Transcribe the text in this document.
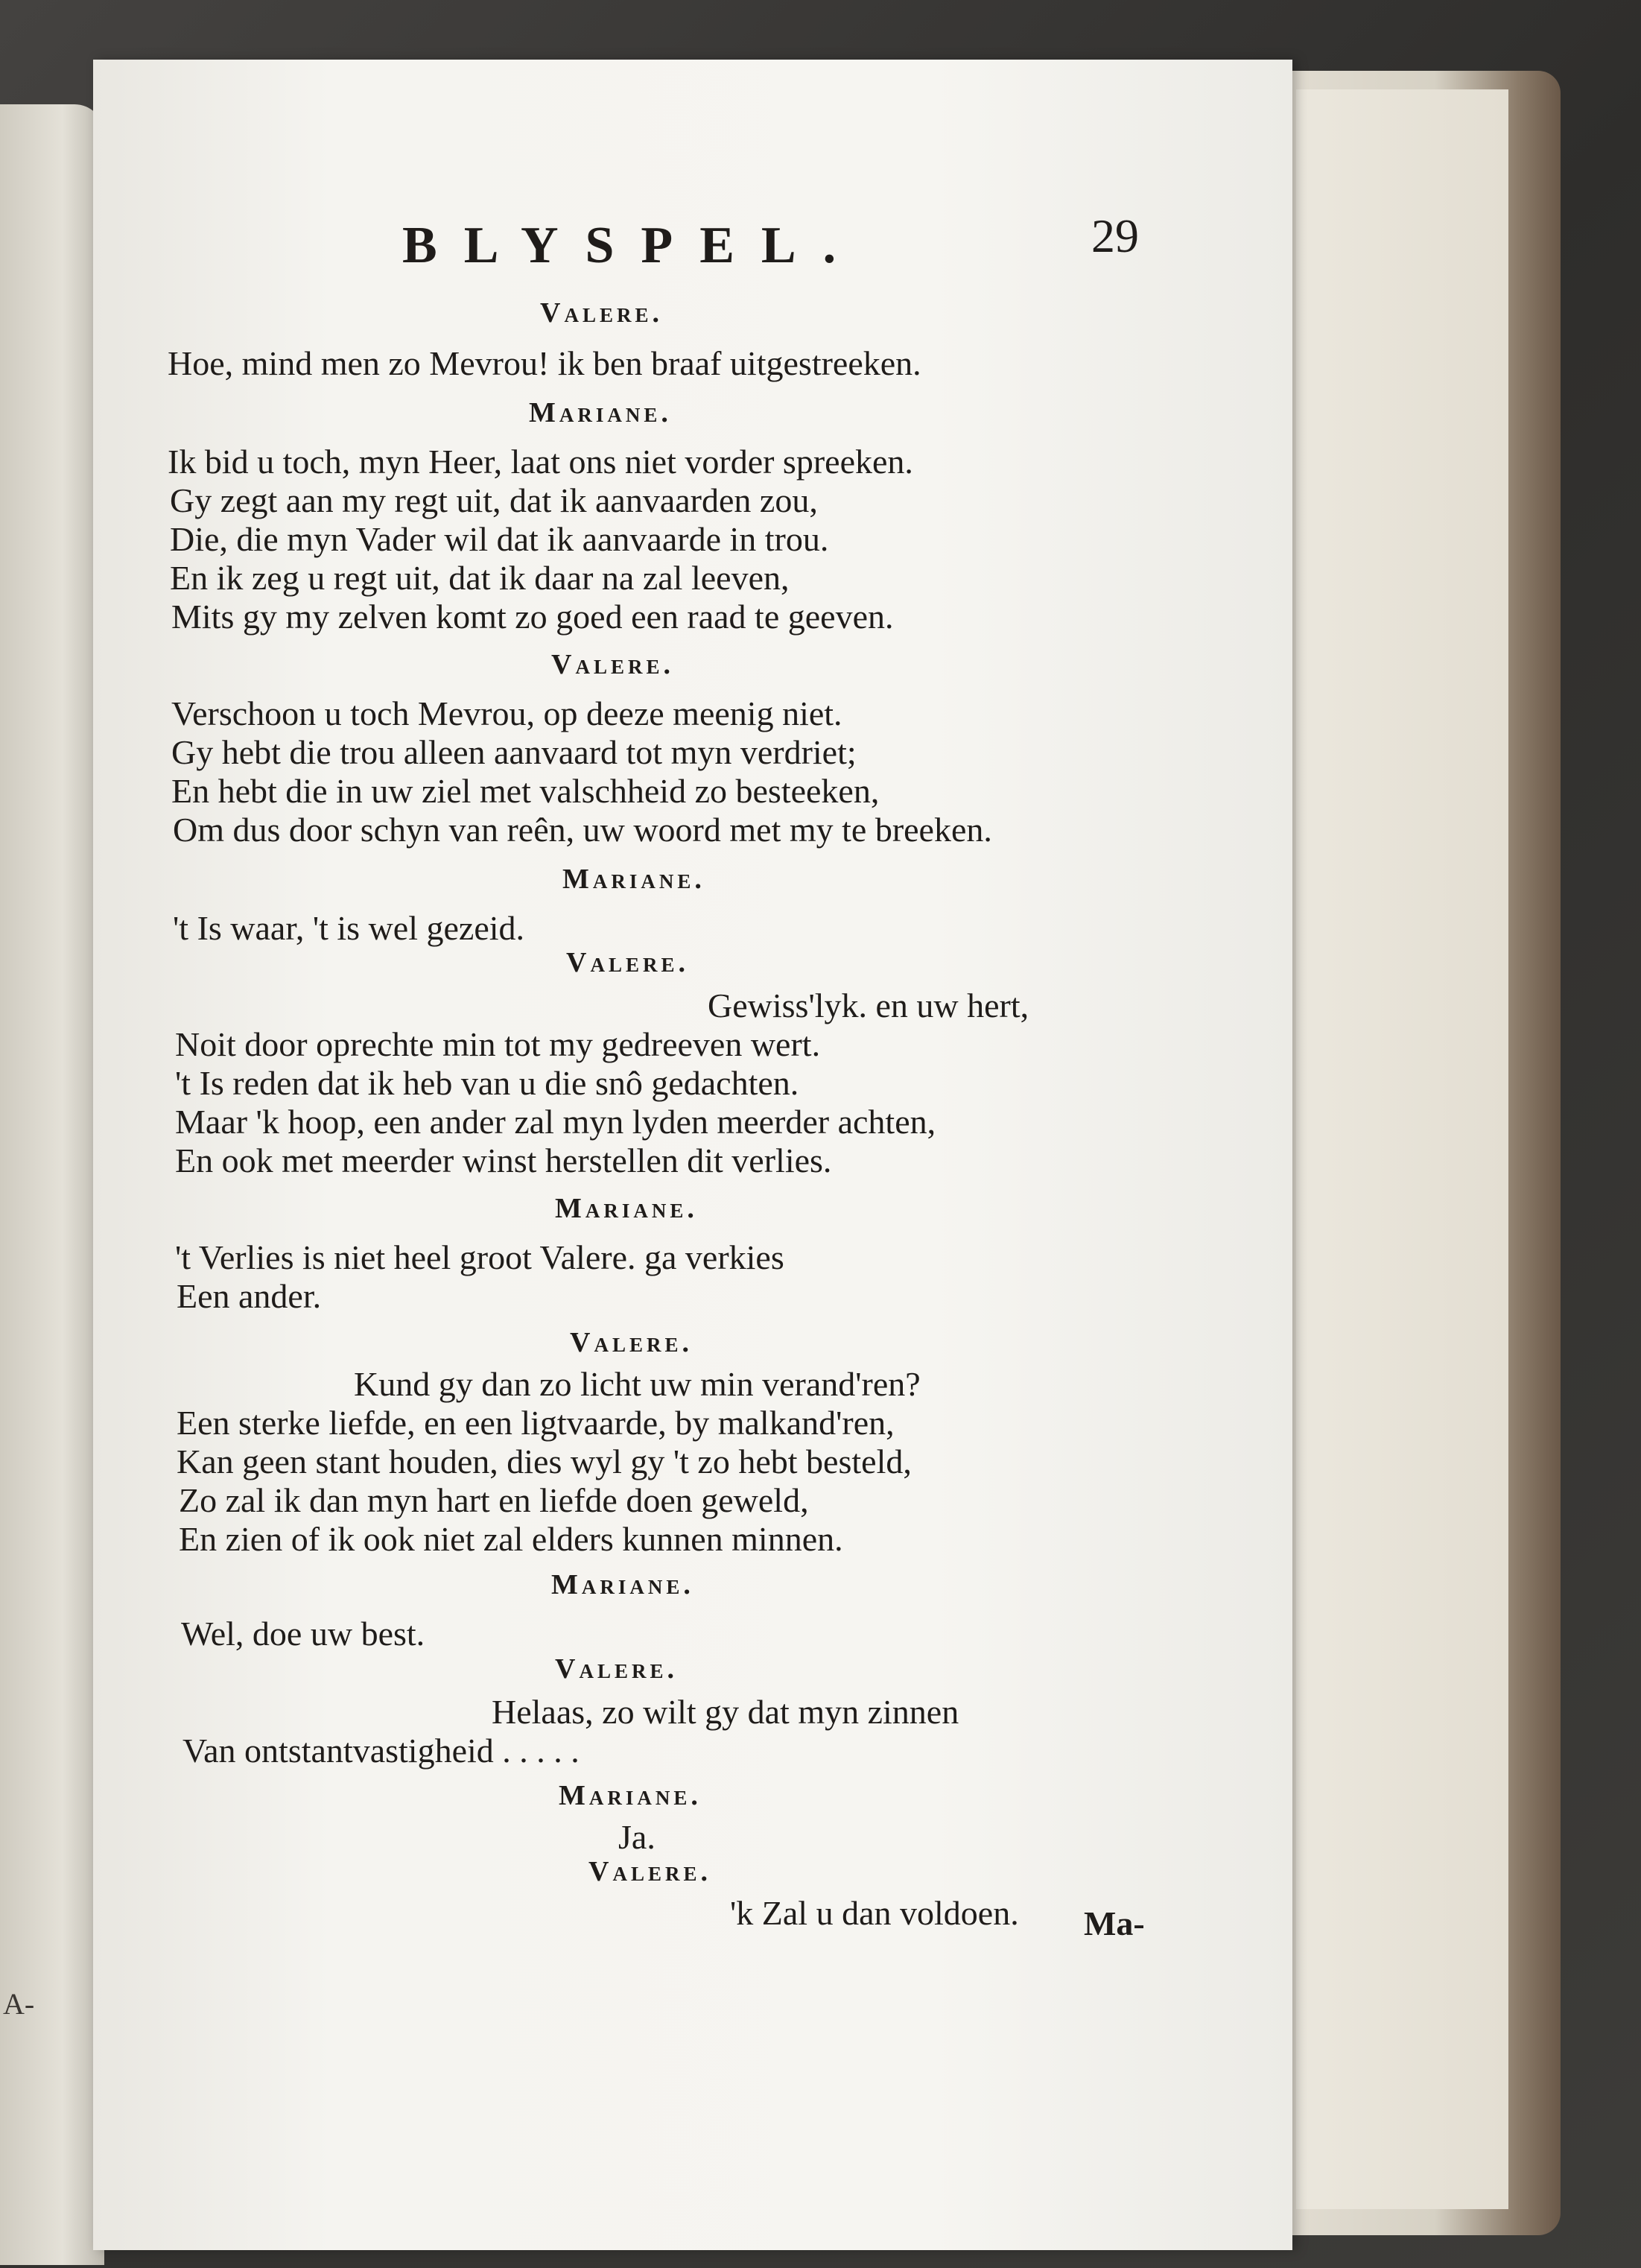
A-
BLYSPEL.	29
Valere.
Hoe, mind men zo Mevrou! ik ben braaf uitgestreeken.
Mariane.
Ik bid u toch, myn Heer, laat ons niet vorder spreeken.
Gy zegt aan my regt uit, dat ik aanvaarden zou,
Die, die myn Vader wil dat ik aanvaarde in trou.
En ik zeg u regt uit, dat ik daar na zal leeven,
Mits gy my zelven komt zo goed een raad te geeven.
Valere.
Verschoon u toch Mevrou, op deeze meenig niet.
Gy hebt die trou alleen aanvaard tot myn verdriet;
En hebt die in uw ziel met valschheid zo besteeken,
Om dus door schyn van reên, uw woord met my te breeken.
Mariane.
't Is waar, 't is wel gezeid.
Valere.
Gewiss'lyk. en uw hert,
Noit door oprechte min tot my gedreeven wert.
't Is reden dat ik heb van u die snô gedachten.
Maar 'k hoop, een ander zal myn lyden meerder achten,
En ook met meerder winst herstellen dit verlies.
Mariane.
't Verlies is niet heel groot Valere. ga verkies
Een ander.
Valere.
Kund gy dan zo licht uw min verand'ren?
Een sterke liefde, en een ligtvaarde, by malkand'ren,
Kan geen stant houden, dies wyl gy 't zo hebt besteld,
Zo zal ik dan myn hart en liefde doen geweld,
En zien of ik ook niet zal elders kunnen minnen.
Mariane.
Wel, doe uw best.
Valere.
Helaas, zo wilt gy dat myn zinnen
Van ontstantvastigheid . . . . .
Mariane.
Ja.
Valere.
'k Zal u dan voldoen. Ma-
